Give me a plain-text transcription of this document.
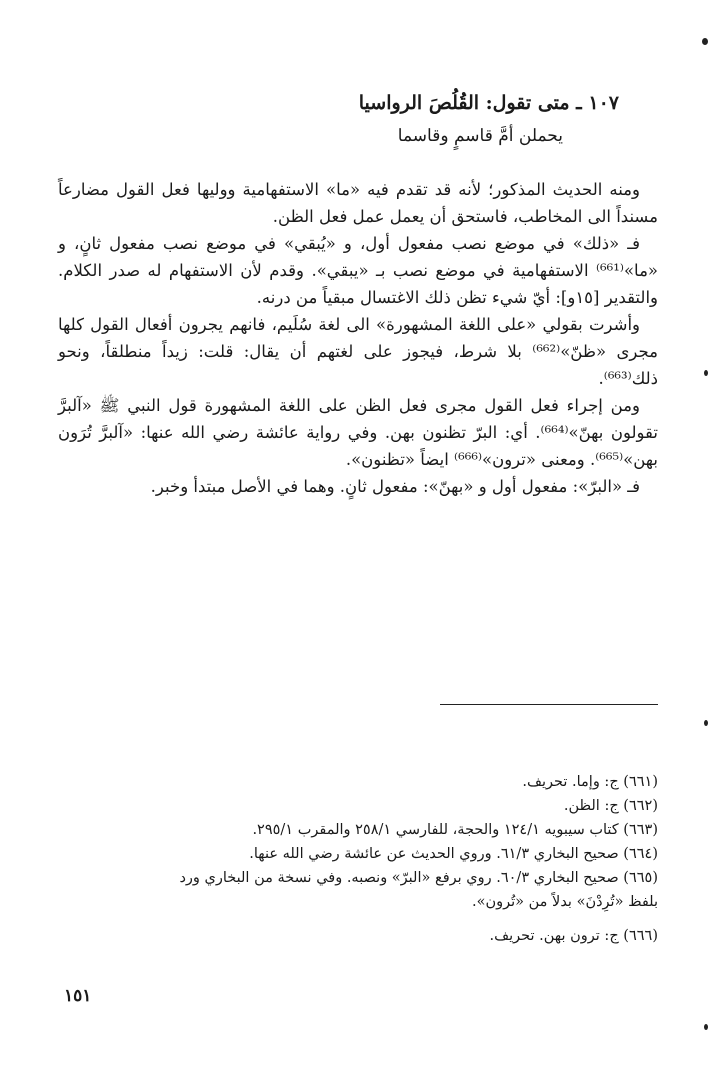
١٠٧ ـ متى تقول: القُلُصَ الرواسيا
يحملن أمَّ قاسمٍ وقاسما

ومنه الحديث المذكور؛ لأنه قد تقدم فيه «ما» الاستفهامية ووليها فعل القول مضارعاً مسنداً الى المخاطب، فاستحق أن يعمل عمل فعل الظن.

فـ «ذلك» في موضع نصب مفعول أول، و «يُبقي» في موضع نصب مفعول ثانٍ، و «ما»⁽⁶⁶¹⁾ الاستفهامية في موضع نصب بـ «يبقي». وقدم لأن الاستفهام له صدر الكلام. والتقدير [١٥و]: أيّ شيء تظن ذلك الاغتسال مبقياً من درنه.

وأشرت بقولي «على اللغة المشهورة» الى لغة سُلَيم، فانهم يجرون أفعال القول كلها مجرى «ظنّ»⁽⁶⁶²⁾ بلا شرط، فيجوز على لغتهم أن يقال: قلت: زيداً منطلقاً، ونحو ذلك⁽⁶⁶³⁾.

ومن إجراء فعل القول مجرى فعل الظن على اللغة المشهورة قول النبي ﷺ «آلبرَّ تقولون بهنّ»⁽⁶⁶⁴⁾. أي: البرّ تظنون بهن. وفي رواية عائشة رضي الله عنها: «آلبرَّ تُرَون بهن»⁽⁶⁶⁵⁾. ومعنى «ترون»⁽⁶⁶⁶⁾ ايضاً «تظنون».

فـ «البرّ»: مفعول أول و «بهنّ»: مفعول ثانٍ. وهما في الأصل مبتدأ وخبر.

(٦٦١) ج: وإما. تحريف.

(٦٦٢) ج: الظن.

(٦٦٣) كتاب سيبويه ١٢٤/١ والحجة، للفارسي ٢٥٨/١ والمقرب ٢٩٥/١.

(٦٦٤) صحيح البخاري ٦١/٣. وروي الحديث عن عائشة رضي الله عنها.

(٦٦٥) صحيح البخاري ٦٠/٣. روي برفع «البرّ» ونصبه. وفي نسخة من البخاري ورد بلفظ «تُرِدْنَ» بدلاً من «تُرون».

(٦٦٦) ج: ترون بهن. تحريف.

١٥١
